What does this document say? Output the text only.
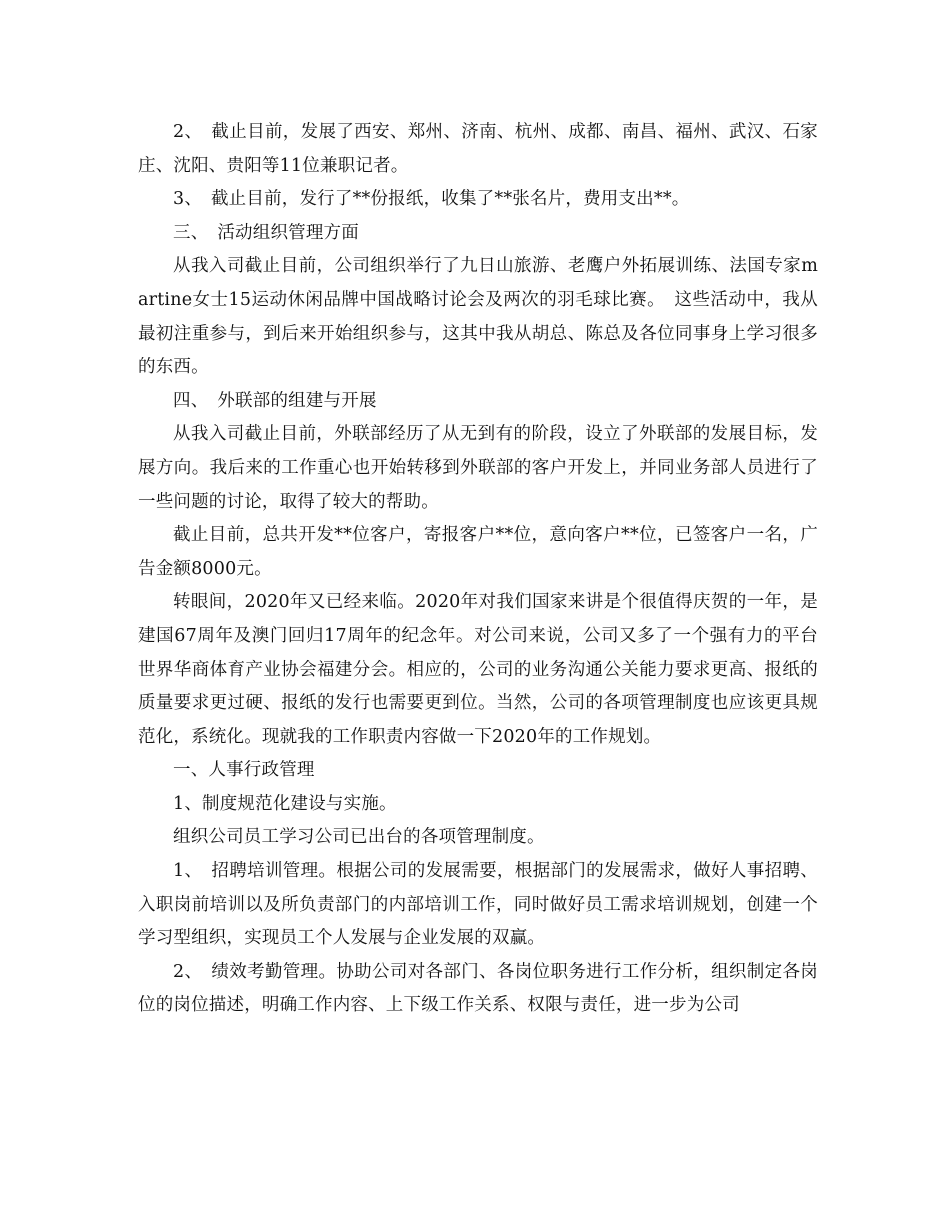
2、　截止目前，发展了西安、郑州、济南、杭州、成都、南昌、福州、武汉、石家庄、沈阳、贵阳等11位兼职记者。

3、　截止目前，发行了**份报纸，收集了**张名片，费用支出**。

三、　活动组织管理方面

从我入司截止目前，公司组织举行了九日山旅游、老鹰户外拓展训练、法国专家martine女士15运动休闲品牌中国战略讨论会及两次的羽毛球比赛。　这些活动中，我从最初注重参与，到后来开始组织参与，这其中我从胡总、陈总及各位同事身上学习很多的东西。

四、　外联部的组建与开展

从我入司截止目前，外联部经历了从无到有的阶段，设立了外联部的发展目标，发展方向。我后来的工作重心也开始转移到外联部的客户开发上，并同业务部人员进行了一些问题的讨论，取得了较大的帮助。

截止目前，总共开发**位客户，寄报客户**位，意向客户**位，已签客户一名，广告金额8000元。

转眼间，2020年又已经来临。2020年对我们国家来讲是个很值得庆贺的一年，是建国67周年及澳门回归17周年的纪念年。对公司来说，公司又多了一个强有力的平台世界华商体育产业协会福建分会。相应的，公司的业务沟通公关能力要求更高、报纸的质量要求更过硬、报纸的发行也需要更到位。当然，公司的各项管理制度也应该更具规范化，系统化。现就我的工作职责内容做一下2020年的工作规划。

一、人事行政管理

1、制度规范化建设与实施。

组织公司员工学习公司已出台的各项管理制度。

1、　招聘培训管理。根据公司的发展需要，根据部门的发展需求，做好人事招聘、入职岗前培训以及所负责部门的内部培训工作，同时做好员工需求培训规划，创建一个学习型组织，实现员工个人发展与企业发展的双赢。

2、　绩效考勤管理。协助公司对各部门、各岗位职务进行工作分析，组织制定各岗位的岗位描述，明确工作内容、上下级工作关系、权限与责任，进一步为公司
